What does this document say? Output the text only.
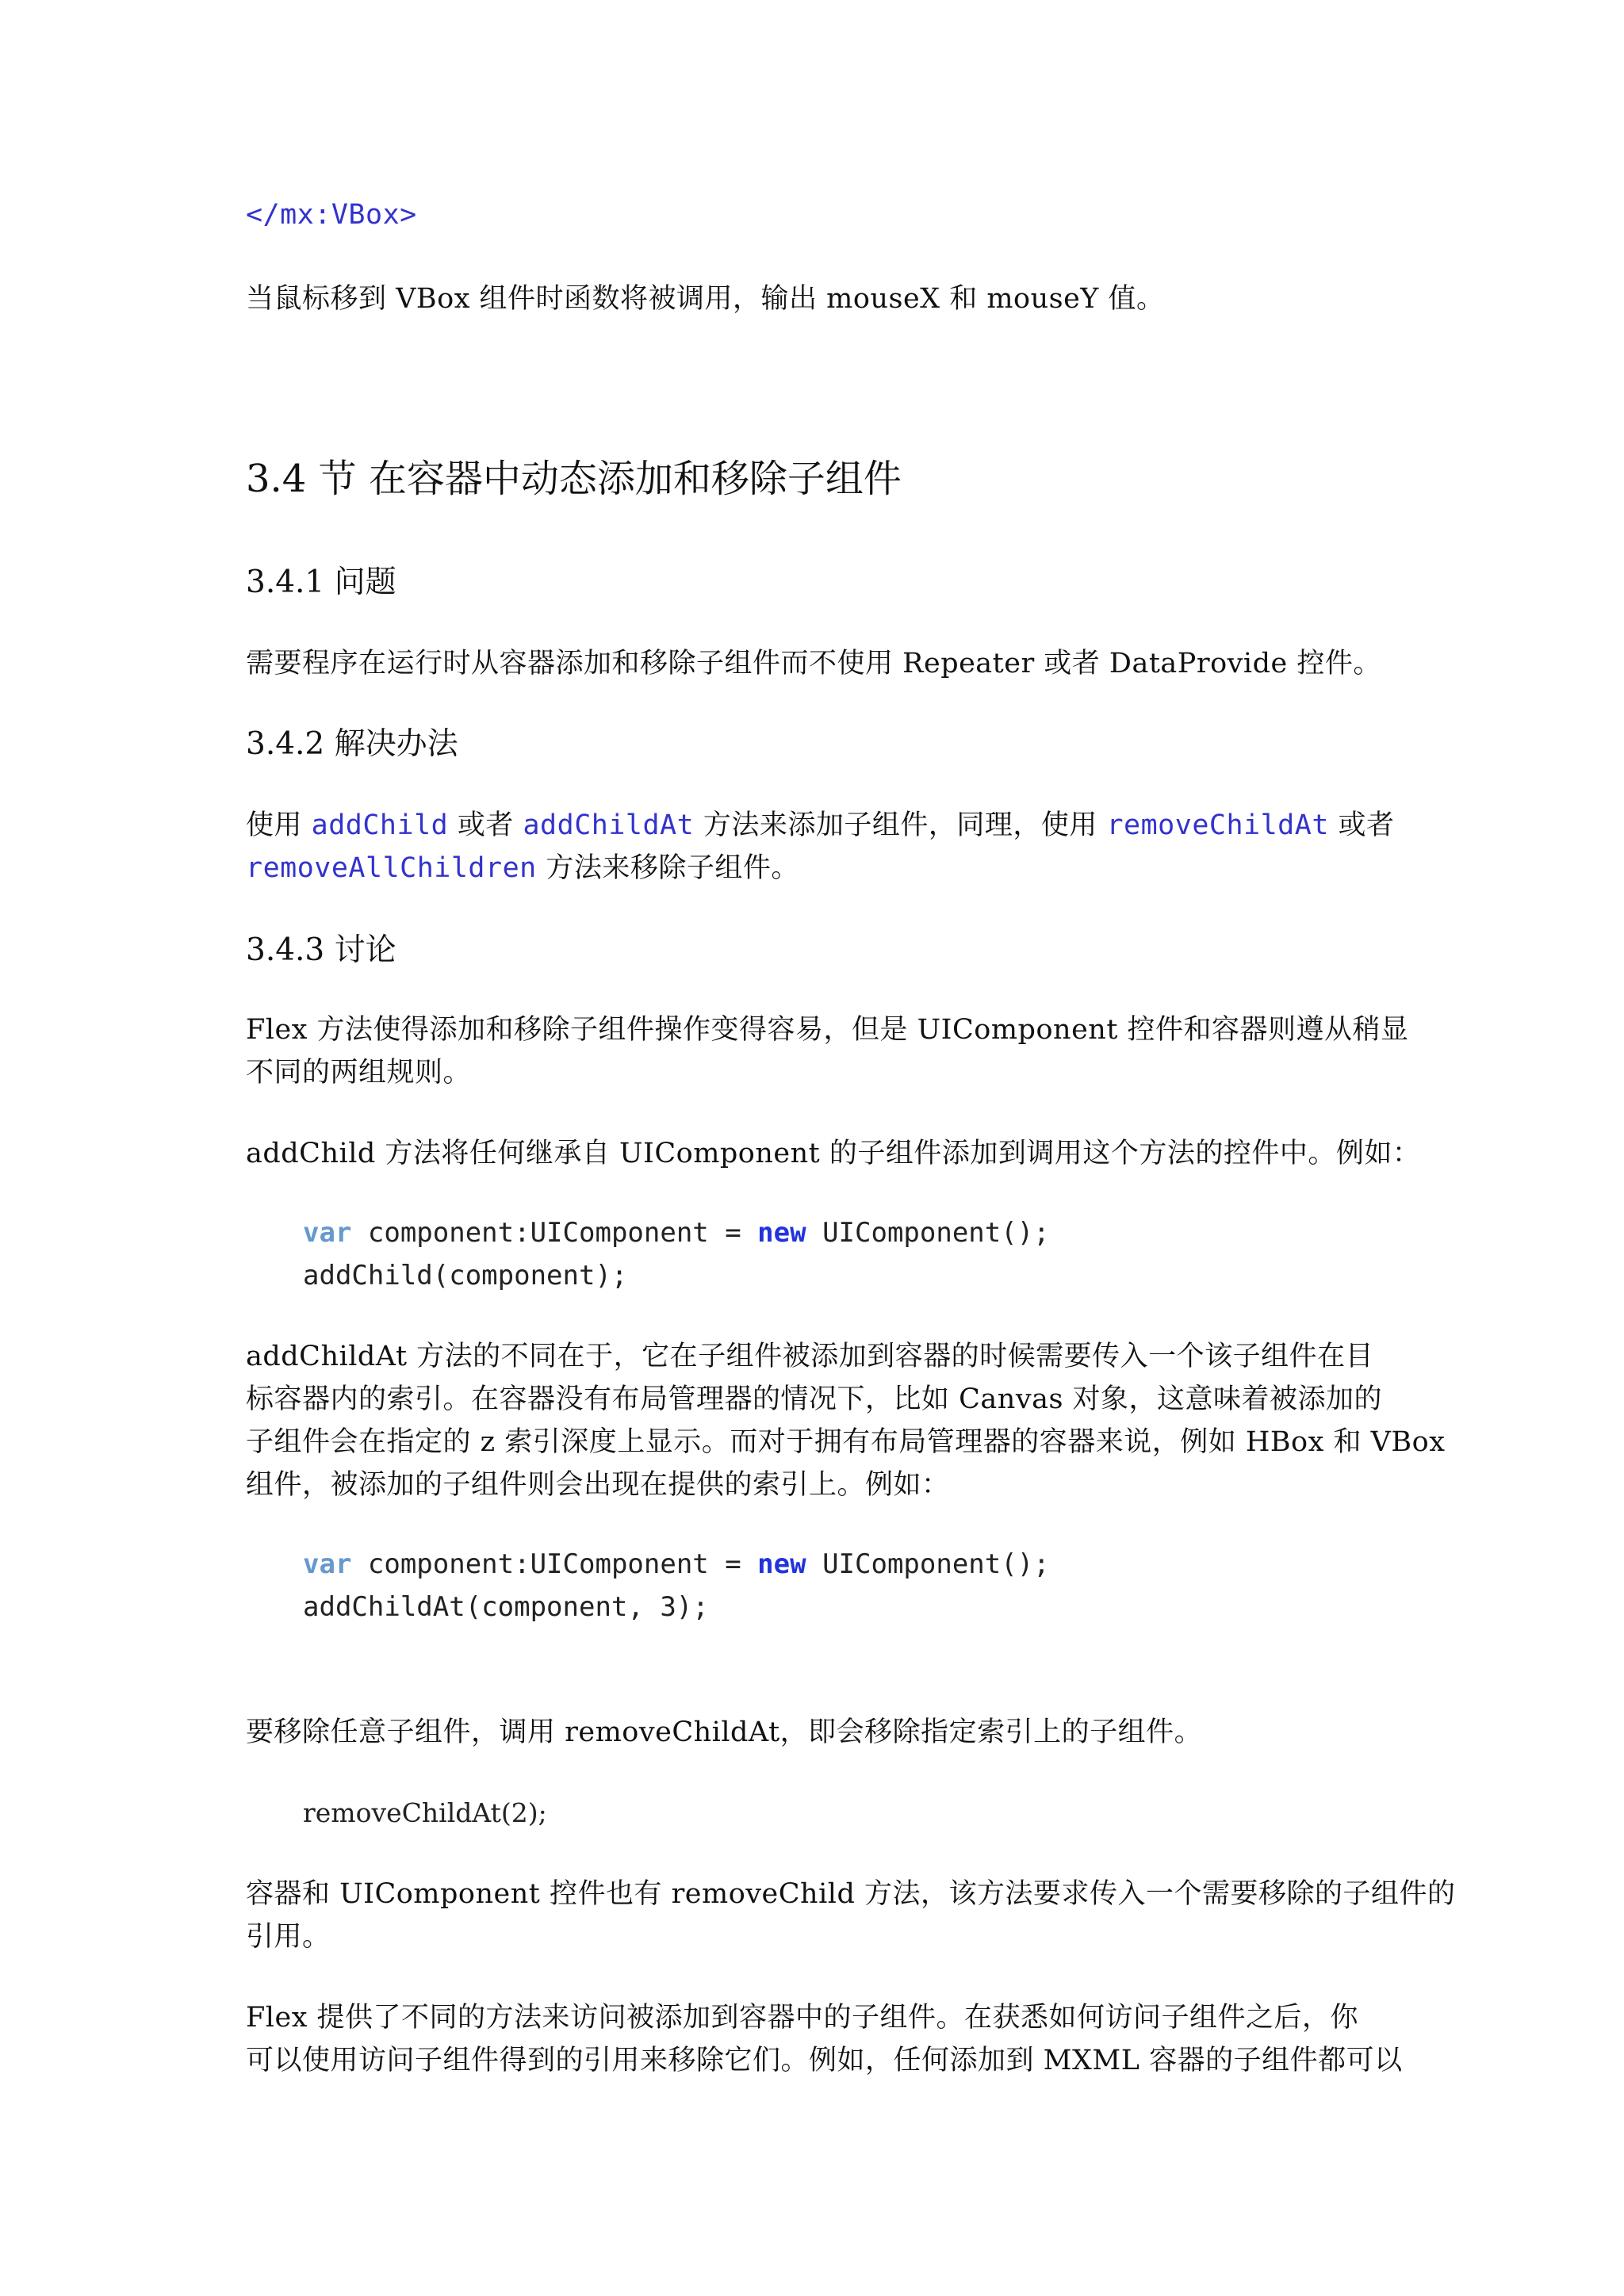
</mx:VBox>
当鼠标移到 VBox 组件时函数将被调用，输出 mouseX 和 mouseY 值。
3.4 节 在容器中动态添加和移除子组件
3.4.1 问题
需要程序在运行时从容器添加和移除子组件而不使用 Repeater 或者 DataProvide 控件。
3.4.2 解决办法
使用 addChild 或者 addChildAt 方法来添加子组件，同理，使用 removeChildAt 或者
removeAllChildren 方法来移除子组件。
3.4.3 讨论
Flex 方法使得添加和移除子组件操作变得容易，但是 UIComponent 控件和容器则遵从稍显
不同的两组规则。
addChild 方法将任何继承自 UIComponent 的子组件添加到调用这个方法的控件中。例如：
var component:UIComponent = new UIComponent();
addChild(component);
addChildAt 方法的不同在于，它在子组件被添加到容器的时候需要传入一个该子组件在目
标容器内的索引。在容器没有布局管理器的情况下，比如 Canvas 对象，这意味着被添加的
子组件会在指定的 z 索引深度上显示。而对于拥有布局管理器的容器来说，例如 HBox 和 VBox
组件，被添加的子组件则会出现在提供的索引上。例如：
var component:UIComponent = new UIComponent();
addChildAt(component, 3);
要移除任意子组件，调用 removeChildAt，即会移除指定索引上的子组件。
removeChildAt(2);
容器和 UIComponent 控件也有 removeChild 方法，该方法要求传入一个需要移除的子组件的
引用。
Flex 提供了不同的方法来访问被添加到容器中的子组件。在获悉如何访问子组件之后，你
可以使用访问子组件得到的引用来移除它们。例如，任何添加到 MXML 容器的子组件都可以
